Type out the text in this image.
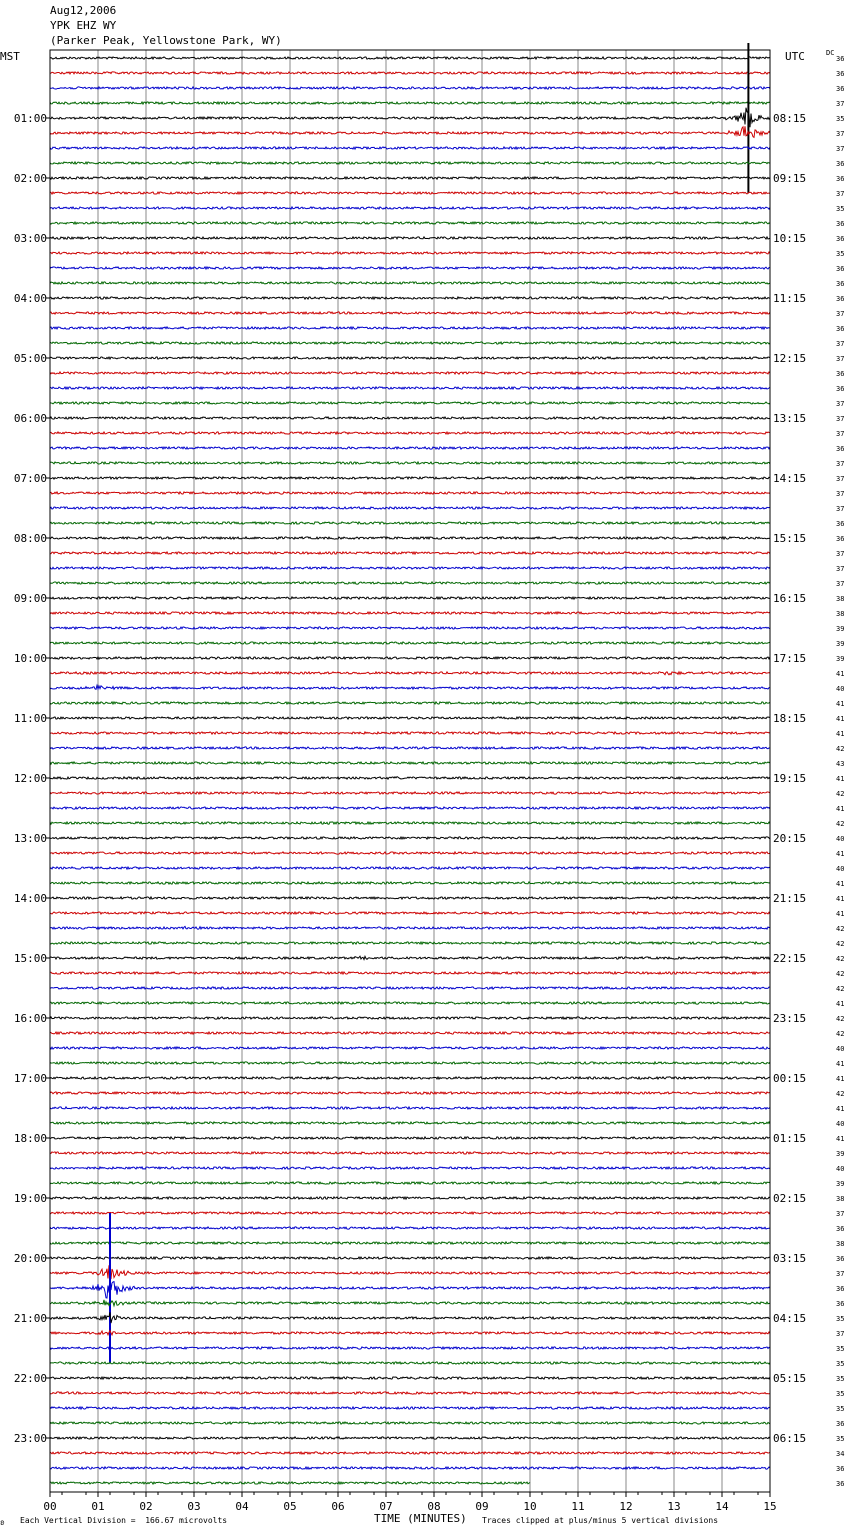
Aug12,2006
YPK EHZ WY
(Parker Peak, Yellowstone Park, WY)
MST	UTC	DC
36
36
36
37
35
37
37
36
36
37
35
36
36
35
36
36
36
37
36
37
37
36
36
37
37
37
36
37
37
37
37
36
36
37
37
37
38
38
39
39
39
41
40
41
41
41
42
43
41
42
41
42
40
41
40
41
41
41
42
42
42
42
42
41
42
42
40
41
41
42
41
40
41
39
40
39
38
37
36
38
36
37
36
36
35
37
35
35
35
35
35
36
35
34
36
36
01:00
02:00
03:00
04:00
05:00
06:00
07:00
08:00
09:00
10:00
11:00
12:00
13:00
14:00
15:00
16:00
17:00
18:00
19:00
20:00
21:00
22:00
23:00
08:15
09:15
10:15
11:15
12:15
13:15
14:15
15:15
16:15
17:15
18:15
19:15
20:15
21:15
22:15
23:15
00:15
01:15
02:15
03:15
04:15
05:15
06:15
00	01	02	03	04	05	06	07	08	09	10	11	12	13	14	15
ʚ Each Vertical Division =  166.67 microvolts	TIME (MINUTES) Traces clipped at plus/minus 5 vertical divisions
